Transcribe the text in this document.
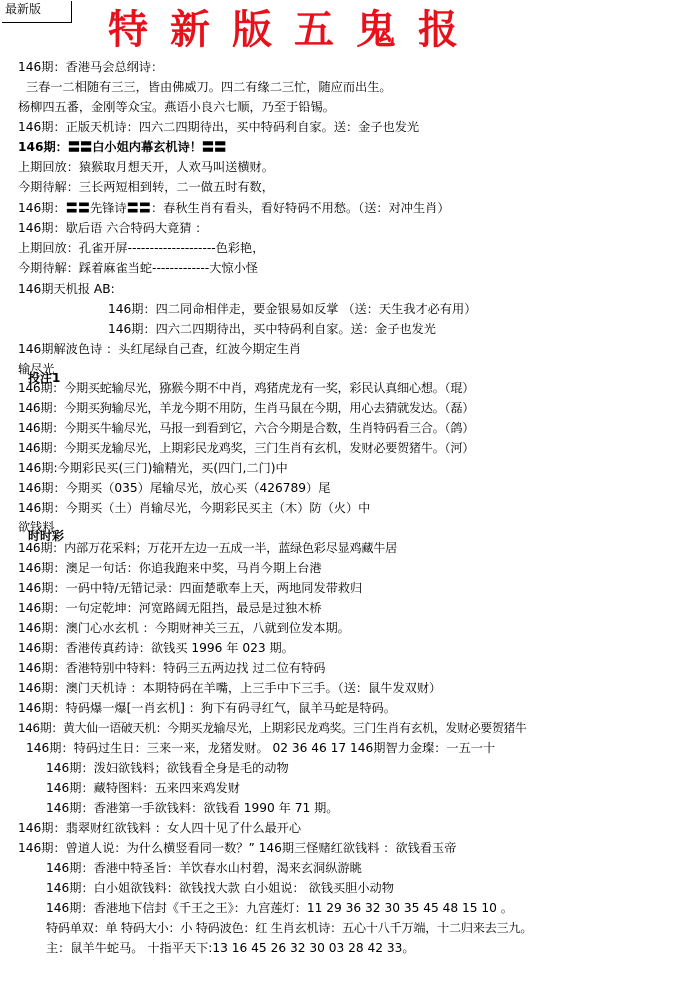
最新版	特新版五鬼报
146期：香港马会总纲诗：
三春一二相随有三三，皆由佛威刀。四二有缘二三忙，随应而出生。
杨柳四五番，金刚等众宝。燕语小良六七顺，乃至于铅锡。
146期：正版天机诗：四六二四期待出，买中特码利自家。送：金子也发光
146期：〓〓白小姐内幕玄机诗！〓〓
上期回放：猿猴取月想天开，人欢马叫送横财。
今期待解：三长两短相到转，二一做五时有数，
146期：〓〓先锋诗〓〓：春秋生肖有看头，看好特码不用愁。（送：对冲生肖）
146期：歇后语 六合特码大竟猜 ：
上期回放：孔雀开屏--------------------色彩艳，
今期待解：踩着麻雀当蛇-------------大惊小怪
146期天机报 AB:
146期：四二同命相伴走，要金银易如反掌 （送：天生我才必有用）
146期：四六二四期待出，买中特码利自家。送：金子也发光
146期解波色诗 ：头红尾绿自己查，红波今期定生肖
输尽光
投注1
146期：今期买蛇输尽光，猕猴今期不中肖，鸡猪虎龙有一奖，彩民认真细心想。（琨）
146期：今期买狗输尽光，羊龙今期不用防，生肖马鼠在今期，用心去猜就发达。（磊）
146期：今期买牛输尽光，马报一到看到它，六合今期是合数，生肖特码看三合。（鸽）
146期：今期买龙输尽光，上期彩民龙鸡奖，三门生肖有玄机，发财必要贺猪牛。（河）
146期:今期彩民买(三门)输精光，买(四门,二门)中
146期：今期买（035）尾输尽光，放心买（426789）尾
146期：今期买（土）肖输尽光，今期彩民买主（木）防（火）中
欲钱料
时时彩
146期：内部万花采料；万花开左边一五成一半，蓝绿色彩尽显鸡藏牛居
146期：澳足一句话：你追我跑来中奖，马肖今期上台港
146期：一码中特/无错记录：四面楚歌奉上天，两地同发带救归
146期：一句定乾坤：河宽路阔无阻挡，最忌是过独木桥
146期：澳门心水玄机 ：今期财神关三五，八就到位发本期。
146期：香港传真药诗：欲钱买 1996 年 023 期。
146期：香港特别中特料：特码三五两边找 过二位有特码
146期：澳门天机诗 ：本期特码在羊嘴，上三手中下三手。（送：鼠牛发双财）
146期：特码爆一爆[一肖玄机] ：狗下有码寻红气，鼠羊马蛇是特码。
146期：黄大仙一语破天机：今期买龙输尽光，上期彩民龙鸡奖。三门生肖有玄机，发财必要贺猪牛
146期：特码过生日：三来一来，龙猪发财。 02 36 46 17 146期智力金璨：一五一十
146期：泼妇欲钱料；欲钱看全身是毛的动物
146期：藏特图料：五来四来鸡发财
146期：香港第一手欲钱料：欲钱看 1990 年 71 期。
146期：翡翠财红欲钱料 ：女人四十见了什么最开心
146期：曾道人说：为什么横竖看同一数？” 146期三怪赌红欲钱料 ：欲钱看玉帝
146期：香港中特圣旨：羊饮春水山村碧，渴来玄洞纵游眺
146期：白小姐欲钱料：欲钱找大款 白小姐说： 欲钱买胆小动物
146期：香港地下信封《千王之王》：九宫莲灯：11 29 36 32 30 35 45 48 15 10 。
特码单双：单 特码大小：小 特码波色：红 生肖玄机诗：五心十八千万端，十二归来去三九。
主：鼠羊牛蛇马。 十指平天下:13 16 45 26 32 30 03 28 42 33。
